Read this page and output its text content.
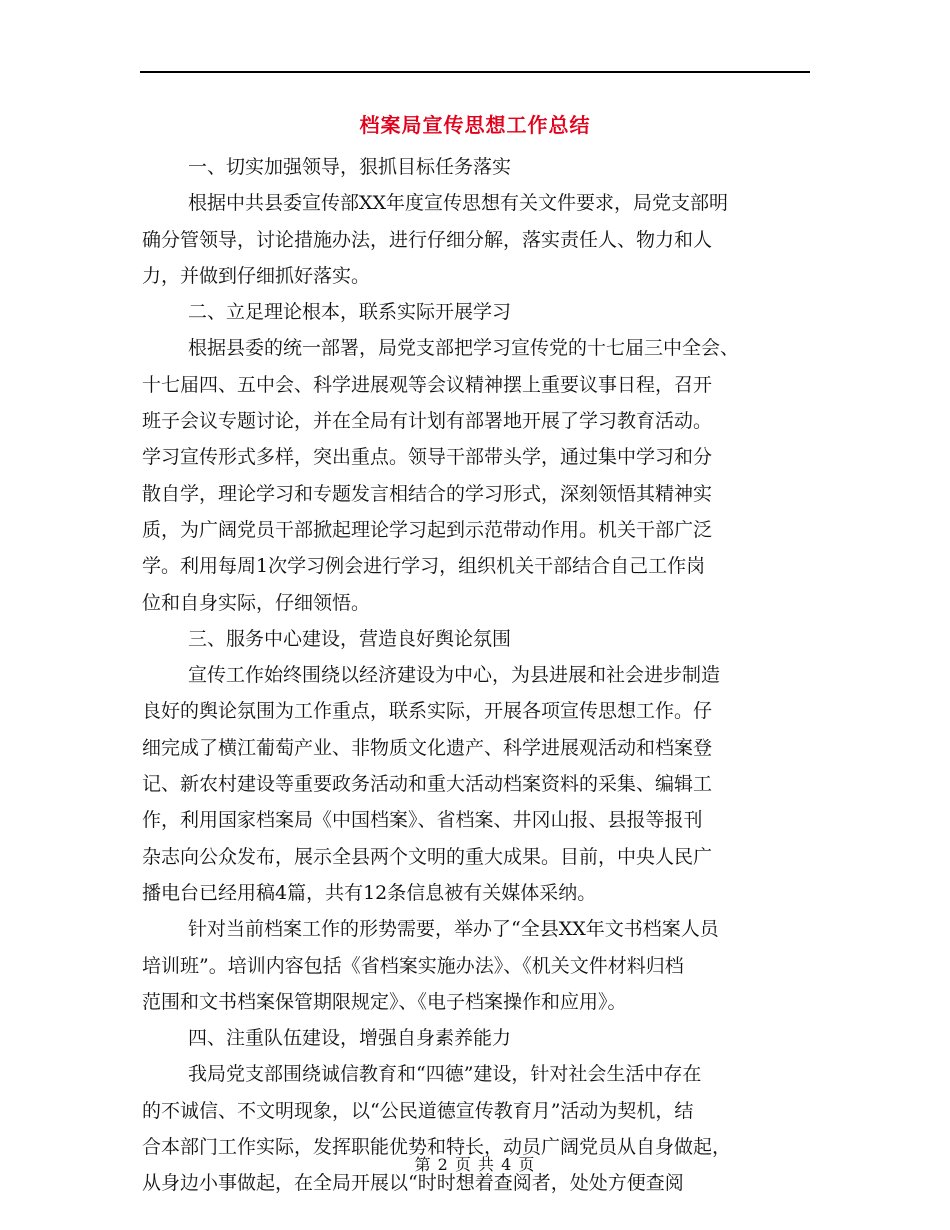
档案局宣传思想工作总结
一、切实加强领导，狠抓目标任务落实
根据中共县委宣传部XX年度宣传思想有关文件要求，局党支部明
确分管领导，讨论措施办法，进行仔细分解，落实责任人、物力和人
力，并做到仔细抓好落实。
二、立足理论根本，联系实际开展学习
根据县委的统一部署，局党支部把学习宣传党的十七届三中全会、
十七届四、五中会、科学进展观等会议精神摆上重要议事日程，召开
班子会议专题讨论，并在全局有计划有部署地开展了学习教育活动。
学习宣传形式多样，突出重点。领导干部带头学，通过集中学习和分
散自学，理论学习和专题发言相结合的学习形式，深刻领悟其精神实
质，为广阔党员干部掀起理论学习起到示范带动作用。机关干部广泛
学。利用每周1次学习例会进行学习，组织机关干部结合自己工作岗
位和自身实际，仔细领悟。
三、服务中心建设，营造良好舆论氛围
宣传工作始终围绕以经济建设为中心，为县进展和社会进步制造
良好的舆论氛围为工作重点，联系实际，开展各项宣传思想工作。仔
细完成了横江葡萄产业、非物质文化遗产、科学进展观活动和档案登
记、新农村建设等重要政务活动和重大活动档案资料的采集、编辑工
作，利用国家档案局《中国档案》、省档案、井冈山报、县报等报刊
杂志向公众发布，展示全县两个文明的重大成果。目前，中央人民广
播电台已经用稿4篇，共有12条信息被有关媒体采纳。
针对当前档案工作的形势需要，举办了“全县XX年文书档案人员
培训班”。培训内容包括《省档案实施办法》、《机关文件材料归档
范围和文书档案保管期限规定》、《电子档案操作和应用》。
四、注重队伍建设，增强自身素养能力
我局党支部围绕诚信教育和“四德”建设，针对社会生活中存在
的不诚信、不文明现象，以“公民道德宣传教育月”活动为契机，结
合本部门工作实际，发挥职能优势和特长，动员广阔党员从自身做起，
从身边小事做起，在全局开展以“时时想着查阅者，处处方便查阅
第 2 页 共 4 页
